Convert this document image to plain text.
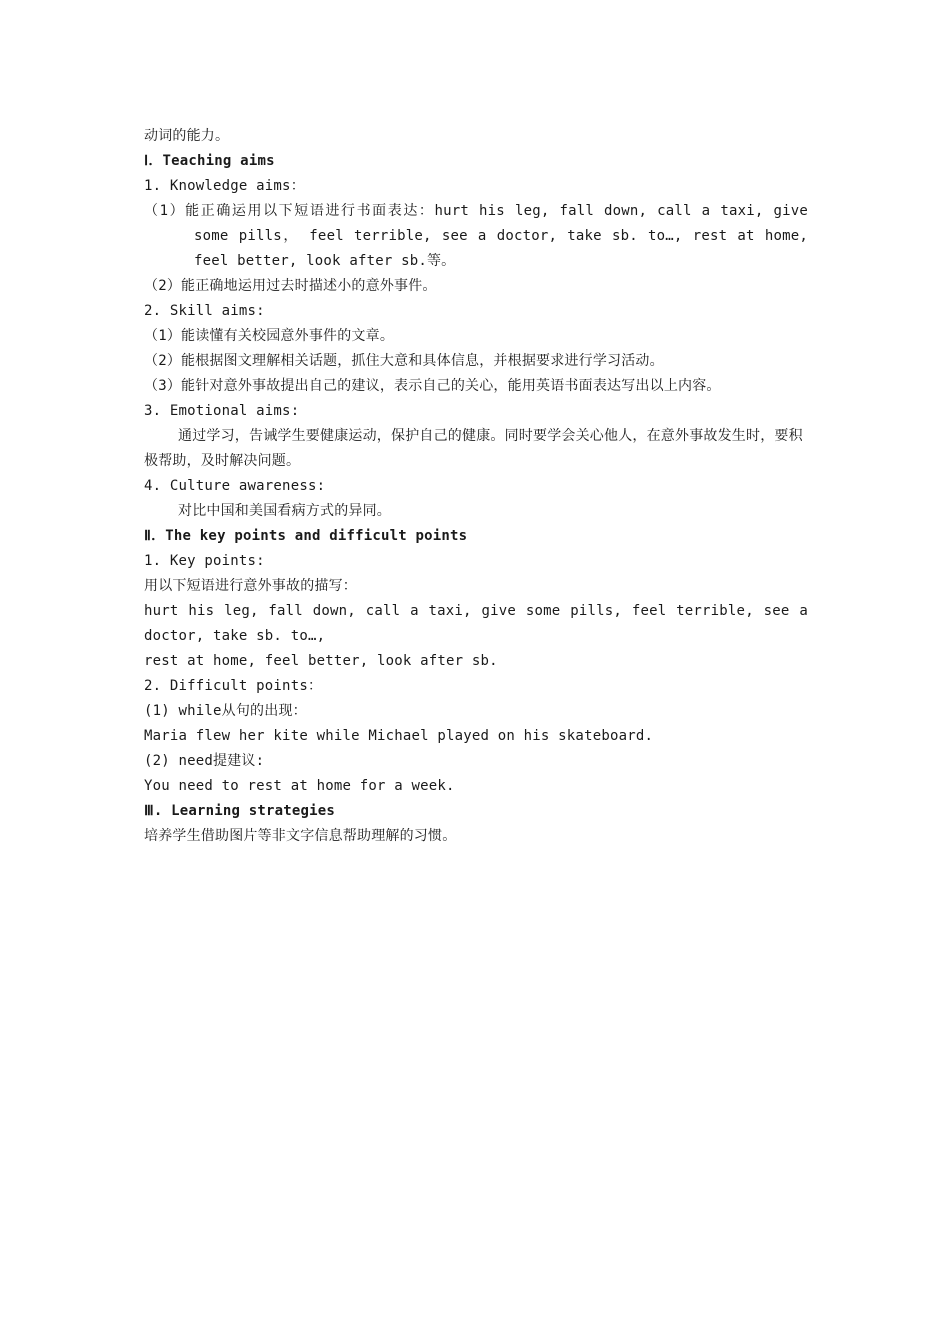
动词的能力。
Ⅰ．Teaching aims
1. Knowledge aims：
（1）能正确运用以下短语进行书面表达：hurt his leg, fall down, call a taxi, give some pills， feel terrible, see a doctor, take sb. to…, rest at home, feel better, look after sb.等。
（2）能正确地运用过去时描述小的意外事件。
2. Skill aims:
（1）能读懂有关校园意外事件的文章。
（2）能根据图文理解相关话题，抓住大意和具体信息，并根据要求进行学习活动。
（3）能针对意外事故提出自己的建议，表示自己的关心，能用英语书面表达写出以上内容。
3. Emotional aims:
通过学习，告诫学生要健康运动，保护自己的健康。同时要学会关心他人，在意外事故发生时，要积极帮助，及时解决问题。
4. Culture awareness:
对比中国和美国看病方式的异同。
Ⅱ．The key points and difficult points
1. Key points:
用以下短语进行意外事故的描写：
hurt his leg, fall down, call a taxi, give some pills, feel terrible, see a
doctor, take sb. to…,
rest at home, feel better, look after sb.
2. Difficult points：
(1) while从句的出现：
Maria flew her kite while Michael played on his skateboard.
(2) need提建议:
You need to rest at home for a week.
Ⅲ. Learning strategies
培养学生借助图片等非文字信息帮助理解的习惯。
